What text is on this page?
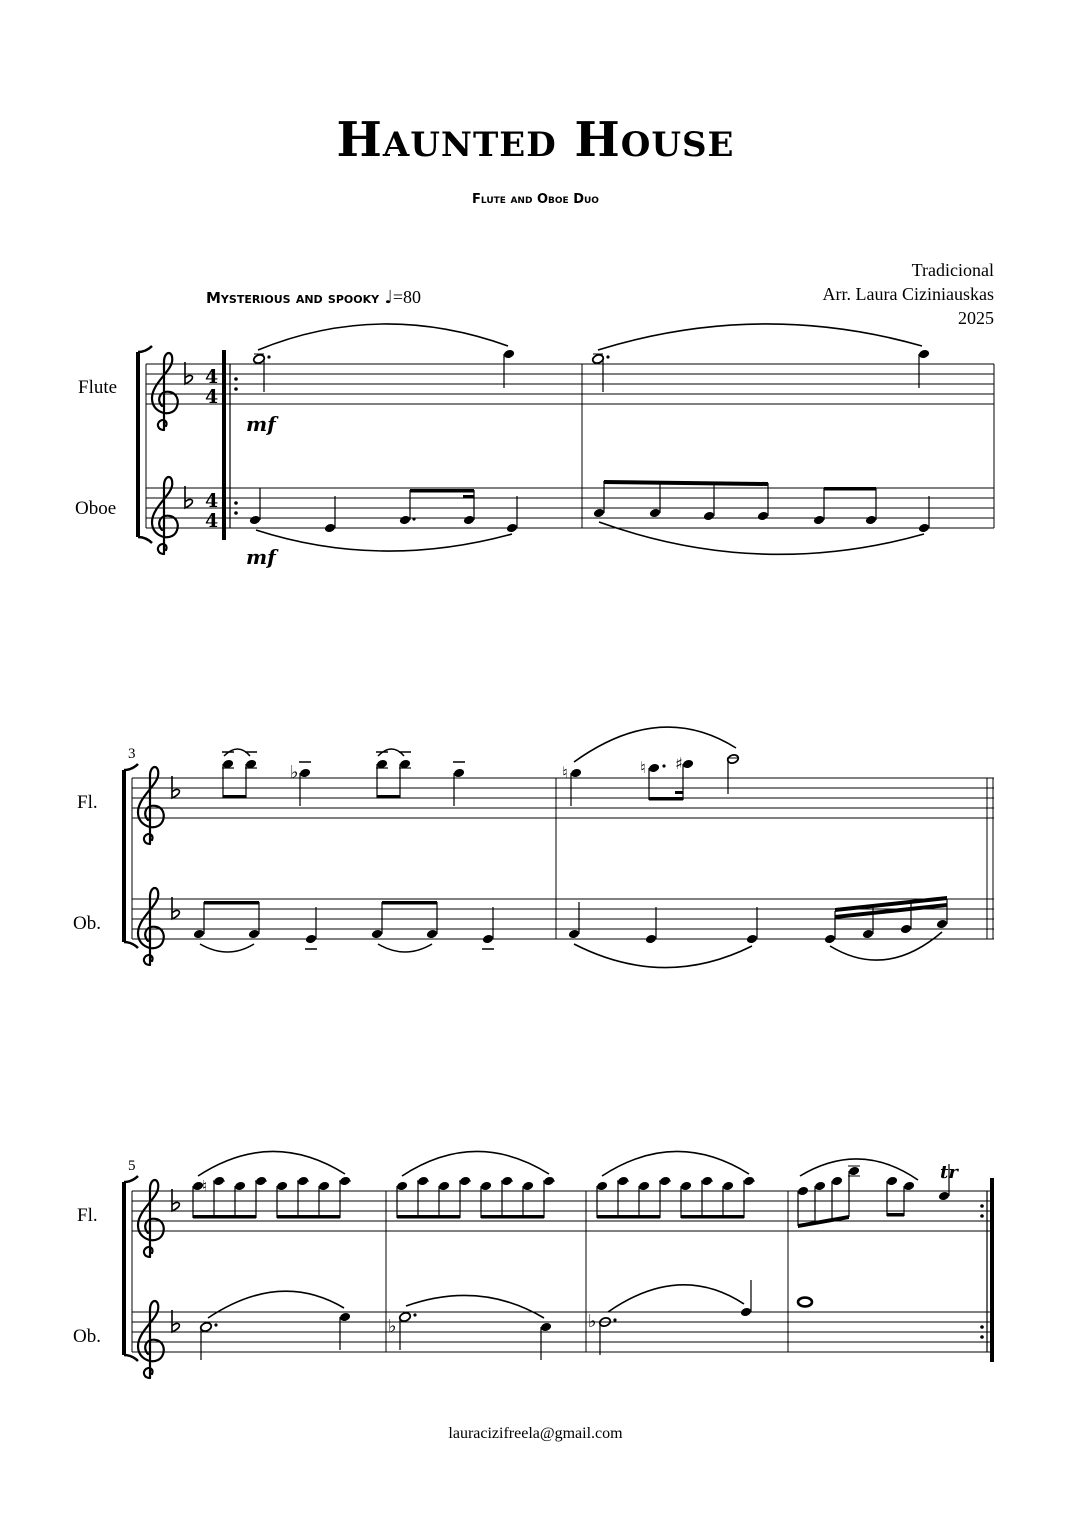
Haunted House
Flute and Oboe Duo
Tradicional
Arr. Laura Ciziniauskas
2025
Mysterious and spooky ♩=80
Flute
Oboe
4
4
4
4
mf
mf
3
Fl.
Ob.
♭	♮	♮ ♯
5
Fl.
Ob.
♮
tr
♭	♭
lauracizifreela@gmail.com
